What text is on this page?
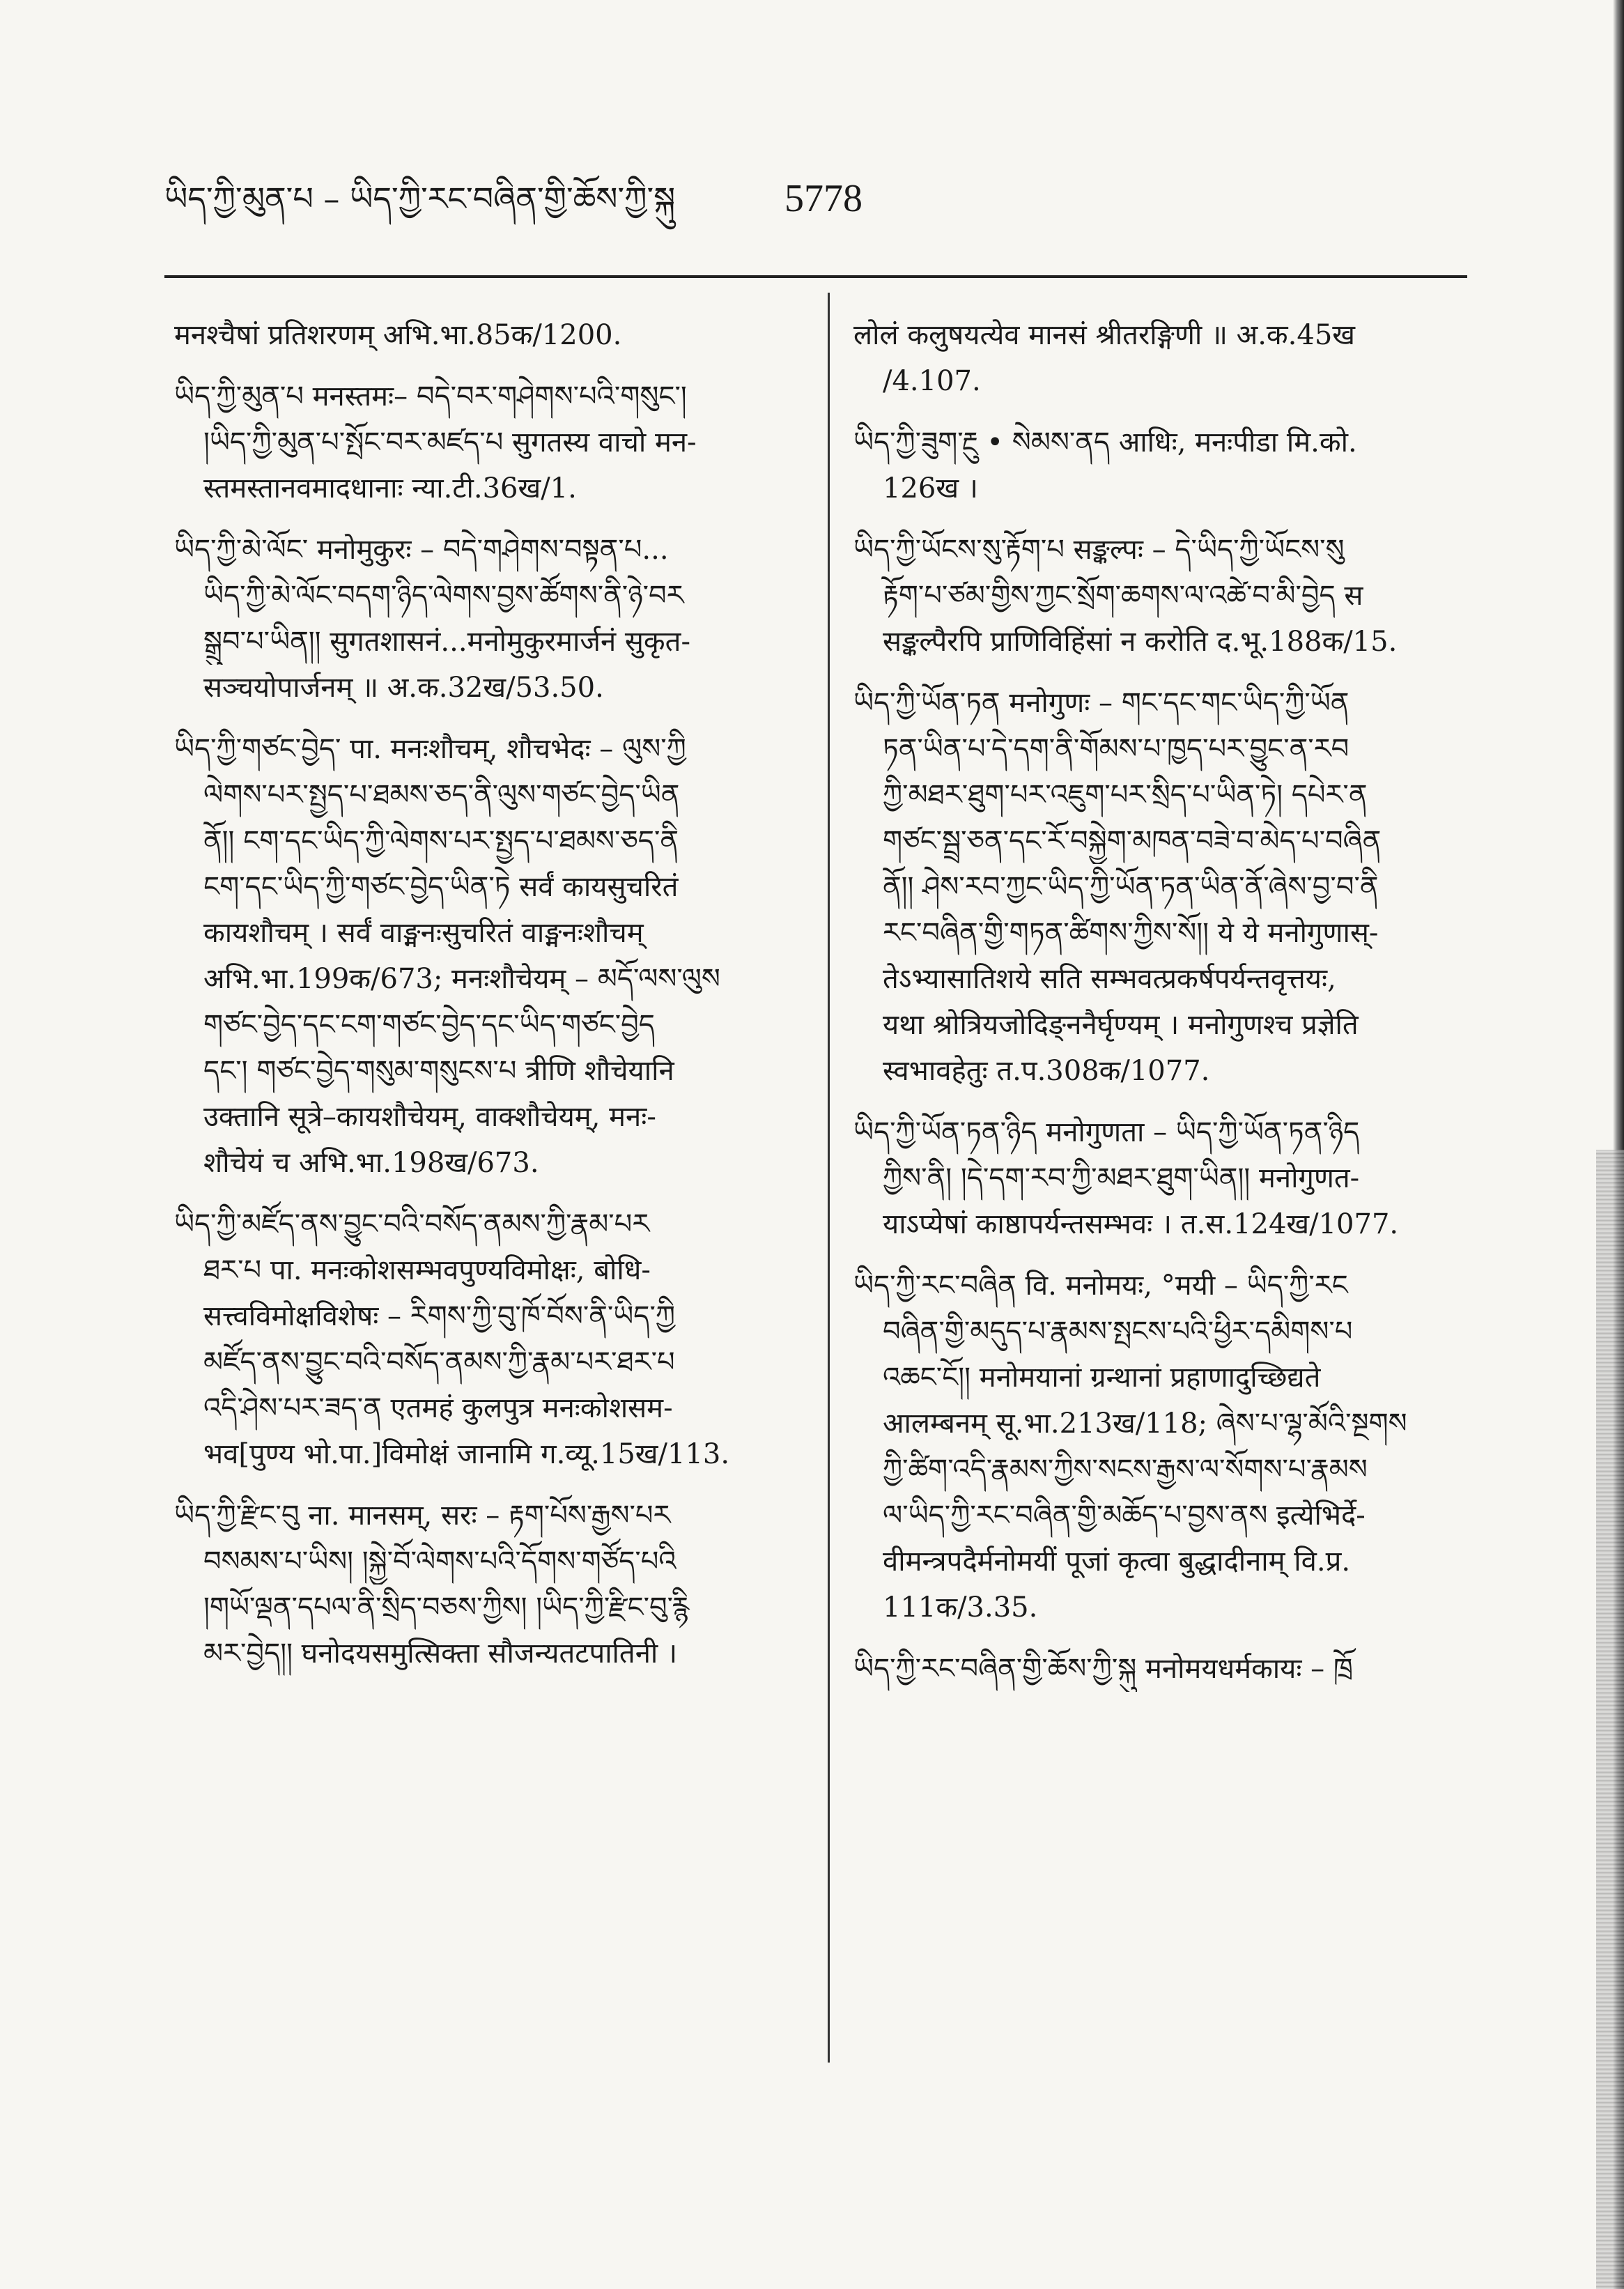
ཡིད་ཀྱི་མུན་པ – ཡིད་ཀྱི་རང་བཞིན་གྱི་ཆོས་ཀྱི་སྐུ	5778
मनश्चैषां प्रतिशरणम् अभि.भा.85क/1200.
ཡིད་ཀྱི་མུན་པ मनस्तमः– བདེ་བར་གཤེགས་པའི་གསུང་།
།ཡིད་ཀྱི་མུན་པ་སྤོང་བར་མཛད་པ सुगतस्य वाचो मन-
स्तमस्तानवमादधानाः न्या.टी.36ख/1.
ཡིད་ཀྱི་མེ་ལོང་ मनोमुकुरः – བདེ་གཤེགས་བསྟན་པ...
ཡིད་ཀྱི་མེ་ལོང་བདག་ཉིད་ལེགས་བྱས་ཚོགས་ནི་ཉེ་བར
སྒྲུབ་པ་ཡིན།། सुगतशासनं...मनोमुकुरमार्जनं सुकृत-
सञ्चयोपार्जनम् ॥ अ.क.32ख/53.50.
ཡིད་ཀྱི་གཙང་བྱེད་ पा. मनःशौचम्, शौचभेदः – ལུས་ཀྱི
ལེགས་པར་སྤྱད་པ་ཐམས་ཅད་ནི་ལུས་གཙང་བྱེད་ཡིན
ནོ།། ངག་དང་ཡིད་ཀྱི་ལེགས་པར་སྤྱད་པ་ཐམས་ཅད་ནི
ངག་དང་ཡིད་ཀྱི་གཙང་བྱེད་ཡིན་ཏེ सर्वं कायसुचरितं
कायशौचम् । सर्वं वाङ्मनःसुचरितं वाङ्मनःशौचम्
अभि.भा.199क/673; मनःशौचेयम् – མདོ་ལས་ལུས
གཙང་བྱེད་དང་ངག་གཙང་བྱེད་དང་ཡིད་གཙང་བྱེད
དང་། གཙང་བྱེད་གསུམ་གསུངས་པ त्रीणि शौचेयानि
उक्तानि सूत्रे–कायशौचेयम्, वाक्शौचेयम्, मनः-
शौचेयं च अभि.भा.198ख/673.
ཡིད་ཀྱི་མཛོད་ནས་བྱུང་བའི་བསོད་ནམས་ཀྱི་རྣམ་པར
ཐར་པ पा. मनःकोशसम्भवपुण्यविमोक्षः, बोधि-
सत्त्वविमोक्षविशेषः – རིགས་ཀྱི་བུ་ཁོ་བོས་ནི་ཡིད་ཀྱི
མཛོད་ནས་བྱུང་བའི་བསོད་ནམས་ཀྱི་རྣམ་པར་ཐར་པ
འདི་ཤེས་པར་ཟད་ན एतमहं कुलपुत्र मनःकोशसम-
भव[पुण्य भो.पा.]विमोक्षं जानामि ग.व्यू.15ख/113.
ཡིད་ཀྱི་རྫིང་བུ ना. मानसम्, सरः – རྟག་པོས་རྒྱས་པར
བསམས་པ་ཡིས། །སྐྱེ་བོ་ལེགས་པའི་དོགས་གཙོད་པའི
།གཡོ་ལྡན་དཔལ་ནི་སྲིད་བཅས་ཀྱིས། །ཡིད་ཀྱི་རྫིང་བུ་རྙི
མར་བྱེད།། घनोदयसमुत्सिक्ता सौजन्यतटपातिनी ।
लोलं कलुषयत्येव मानसं श्रीतरङ्गिणी ॥ अ.क.45ख
/4.107.
ཡིད་ཀྱི་ཟུག་རྔུ • སེམས་ནད आधिः, मनःपीडा मि.को.
126ख ।
ཡིད་ཀྱི་ཡོངས་སུ་རྟོག་པ सङ्कल्पः – དེ་ཡིད་ཀྱི་ཡོངས་སུ
རྟོག་པ་ཙམ་གྱིས་ཀྱང་སྲོག་ཆགས་ལ་འཚེ་བ་མི་བྱེད स
सङ्कल्पैरपि प्राणिविहिंसां न करोति द.भू.188क/15.
ཡིད་ཀྱི་ཡོན་ཏན मनोगुणः – གང་དང་གང་ཡིད་ཀྱི་ཡོན
ཏན་ཡིན་པ་དེ་དག་ནི་གོམས་པ་ཁྱད་པར་བྱུང་ན་རབ
ཀྱི་མཐར་ཐུག་པར་འཇུག་པར་སྲིད་པ་ཡིན་ཏེ། དཔེར་ན
གཙང་སྦྲ་ཅན་དང་རོ་བསྐྱེག་མཁན་བཟེ་བ་མེད་པ་བཞིན
ནོ།། ཤེས་རབ་ཀྱང་ཡིད་ཀྱི་ཡོན་ཏན་ཡིན་ནོ་ཞེས་བྱ་བ་ནི
རང་བཞིན་གྱི་གཏན་ཚིགས་ཀྱིས་སོ།། ये ये मनोगुणास्-
तेऽभ्यासातिशये सति सम्भवत्प्रकर्षपर्यन्तवृत्तयः,
यथा श्रोत्रियजोदिङ्ननैर्घृण्यम् । मनोगुणश्च प्रज्ञेति
स्वभावहेतुः त.प.308क/1077.
ཡིད་ཀྱི་ཡོན་ཏན་ཉིད मनोगुणता – ཡིད་ཀྱི་ཡོན་ཏན་ཉིད
ཀྱིས་ནི། །དེ་དག་རབ་ཀྱི་མཐར་ཐུག་ཡིན།། मनोगुणत-
याऽप्येषां काष्ठापर्यन्तसम्भवः । त.स.124ख/1077.
ཡིད་ཀྱི་རང་བཞིན वि. मनोमयः, °मयी – ཡིད་ཀྱི་རང
བཞིན་གྱི་མདུད་པ་རྣམས་སྤངས་པའི་ཕྱིར་དམིགས་པ
འཆང་ངོ།། मनोमयानां ग्रन्थानां प्रहाणादुच्छिद्यते
आलम्बनम् सू.भा.213ख/118; ཞེས་པ་ལྷ་མོའི་སྔགས
ཀྱི་ཚིག་འདི་རྣམས་ཀྱིས་སངས་རྒྱས་ལ་སོགས་པ་རྣམས
ལ་ཡིད་ཀྱི་རང་བཞིན་གྱི་མཆོད་པ་བྱས་ནས इत्येभिर्दे-
वीमन्त्रपदैर्मनोमयीं पूजां कृत्वा बुद्धादीनाम् वि.प्र.
111क/3.35.
ཡིད་ཀྱི་རང་བཞིན་གྱི་ཆོས་ཀྱི་སྐུ मनोमयधर्मकायः – ཁྲོ
